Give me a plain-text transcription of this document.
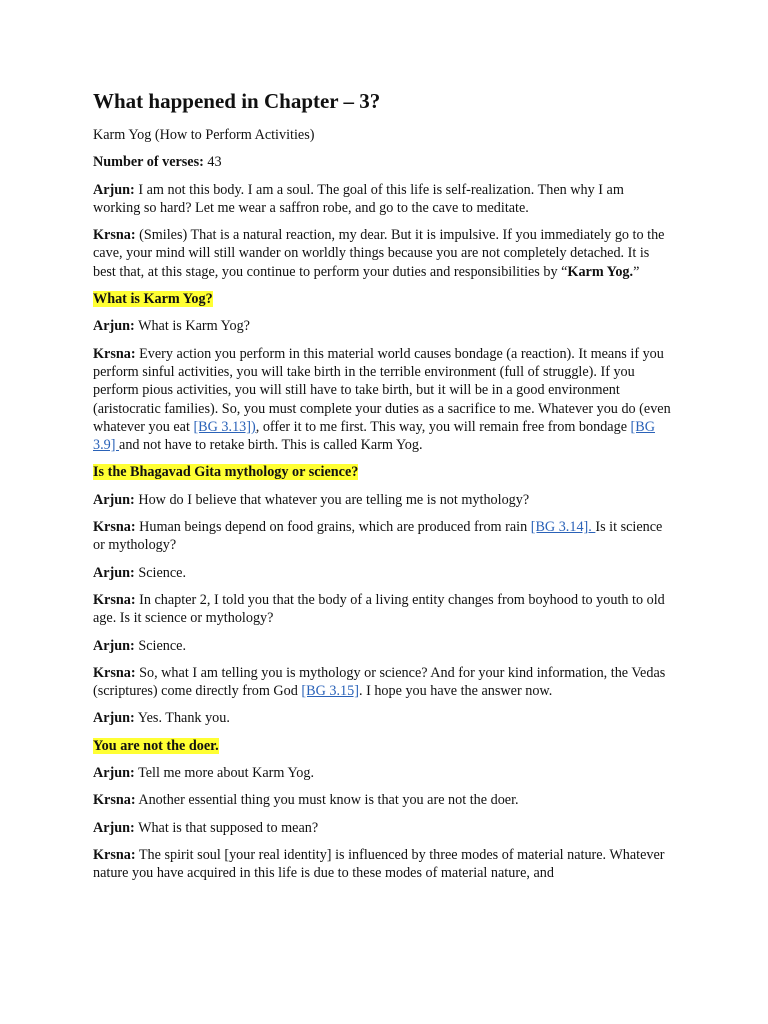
What happened in Chapter – 3?

Karm Yog (How to Perform Activities)

Number of verses: 43

Arjun: I am not this body. I am a soul. The goal of this life is self-realization. Then why I am working so hard? Let me wear a saffron robe, and go to the cave to meditate.

Krsna: (Smiles) That is a natural reaction, my dear. But it is impulsive. If you immediately go to the cave, your mind will still wander on worldly things because you are not completely detached. It is best that, at this stage, you continue to perform your duties and responsibilities by “Karm Yog.”

What is Karm Yog?

Arjun: What is Karm Yog?

Krsna: Every action you perform in this material world causes bondage (a reaction). It means if you perform sinful activities, you will take birth in the terrible environment (full of struggle). If you perform pious activities, you will still have to take birth, but it will be in a good environment (aristocratic families). So, you must complete your duties as a sacrifice to me. Whatever you do (even whatever you eat [BG 3.13]), offer it to me first. This way, you will remain free from bondage [BG 3.9] and not have to retake birth. This is called Karm Yog.

Is the Bhagavad Gita mythology or science?

Arjun: How do I believe that whatever you are telling me is not mythology?

Krsna: Human beings depend on food grains, which are produced from rain [BG 3.14]. Is it science or mythology?

Arjun: Science.

Krsna: In chapter 2, I told you that the body of a living entity changes from boyhood to youth to old age. Is it science or mythology?

Arjun: Science.

Krsna: So, what I am telling you is mythology or science? And for your kind information, the Vedas (scriptures) come directly from God [BG 3.15]. I hope you have the answer now.

Arjun: Yes. Thank you.

You are not the doer.

Arjun: Tell me more about Karm Yog.

Krsna: Another essential thing you must know is that you are not the doer.

Arjun: What is that supposed to mean?

Krsna: The spirit soul [your real identity] is influenced by three modes of material nature. Whatever nature you have acquired in this life is due to these modes of material nature, and
